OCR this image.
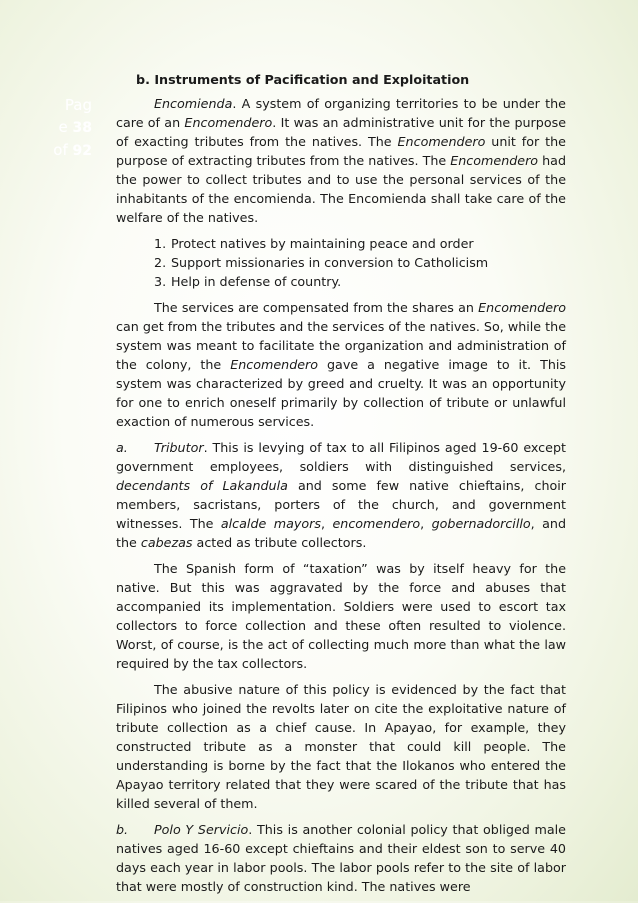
Pag
e 38
of 92
b. Instruments of Pacification and Exploitation

Encomienda. A system of organizing territories to be under the care of an Encomendero. It was an administrative unit for the purpose of exacting tributes from the natives. The Encomendero unit for the purpose of extracting tributes from the natives. The Encomendero had the power to collect tributes and to use the personal services of the inhabitants of the encomienda. The Encomienda shall take care of the welfare of the natives.

1. Protect natives by maintaining peace and order
2. Support missionaries in conversion to Catholicism
3. Help in defense of country.

The services are compensated from the shares an Encomendero can get from the tributes and the services of the natives. So, while the system was meant to facilitate the organization and administration of the colony, the Encomendero gave a negative image to it. This system was characterized by greed and cruelty. It was an opportunity for one to enrich oneself primarily by collection of tribute or unlawful exaction of numerous services.

a. Tributor. This is levying of tax to all Filipinos aged 19-60 except government employees, soldiers with distinguished services, decendants of Lakandula and some few native chieftains, choir members, sacristans, porters of the church, and government witnesses. The alcalde mayors, encomendero, gobernadorcillo, and the cabezas acted as tribute collectors.

The Spanish form of “taxation” was by itself heavy for the native. But this was aggravated by the force and abuses that accompanied its implementation. Soldiers were used to escort tax collectors to force collection and these often resulted to violence. Worst, of course, is the act of collecting much more than what the law required by the tax collectors.

The abusive nature of this policy is evidenced by the fact that Filipinos who joined the revolts later on cite the exploitative nature of tribute collection as a chief cause. In Apayao, for example, they constructed tribute as a monster that could kill people. The understanding is borne by the fact that the Ilokanos who entered the Apayao territory related that they were scared of the tribute that has killed several of them.

b. Polo Y Servicio. This is another colonial policy that obliged male natives aged 16-60 except chieftains and their eldest son to serve 40 days each year in labor pools. The labor pools refer to the site of labor that were mostly of construction kind. The natives were
